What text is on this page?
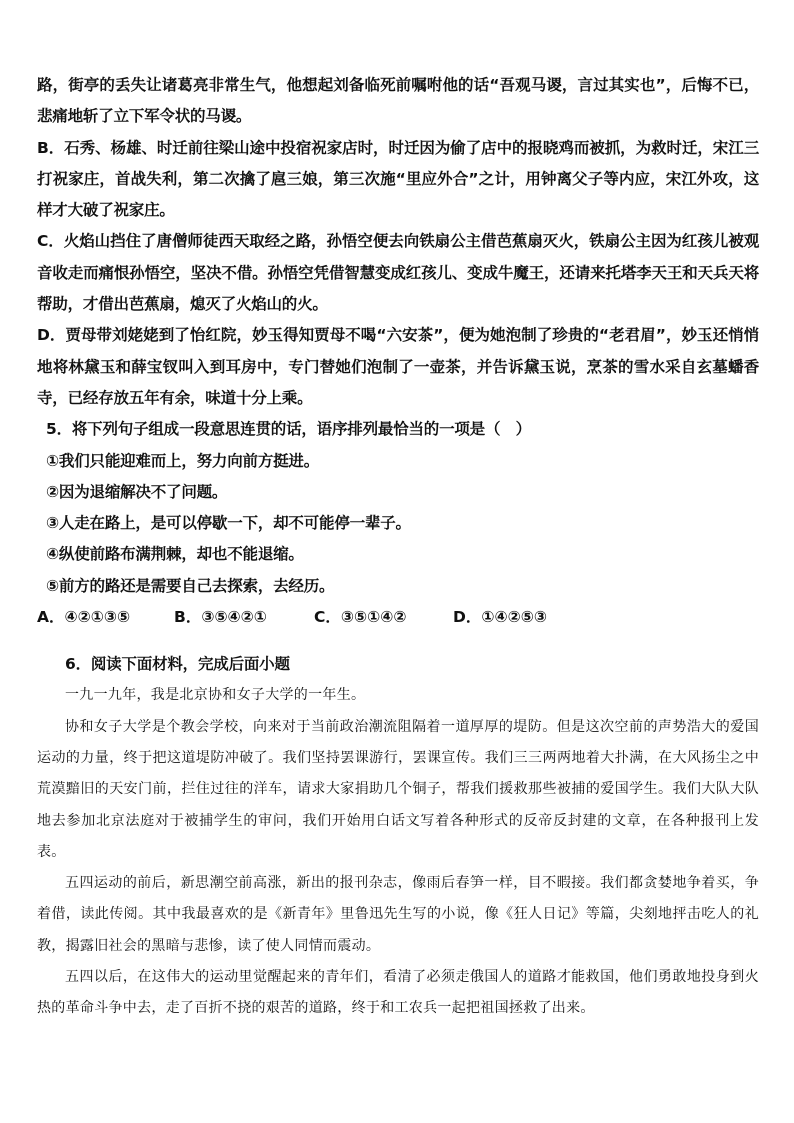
路，街亭的丢失让诸葛亮非常生气，他想起刘备临死前嘱咐他的话“吾观马谡，言过其实也”，后悔不已，悲痛地斩了立下军令状的马谡。

B．石秀、杨雄、时迁前往梁山途中投宿祝家店时，时迁因为偷了店中的报晓鸡而被抓，为救时迁，宋江三打祝家庄，首战失利，第二次擒了扈三娘，第三次施“里应外合”之计，用钟离父子等内应，宋江外攻，这样才大破了祝家庄。

C．火焰山挡住了唐僧师徒西天取经之路，孙悟空便去向铁扇公主借芭蕉扇灭火，铁扇公主因为红孩儿被观音收走而痛恨孙悟空，坚决不借。孙悟空凭借智慧变成红孩儿、变成牛魔王，还请来托塔李天王和天兵天将帮助，才借出芭蕉扇，熄灭了火焰山的火。

D．贾母带刘姥姥到了怡红院，妙玉得知贾母不喝“六安茶”，便为她泡制了珍贵的“老君眉”，妙玉还悄悄地将林黛玉和薛宝钗叫入到耳房中，专门替她们泡制了一壶茶，并告诉黛玉说，烹茶的雪水采自玄墓蟠香寺，已经存放五年有余，味道十分上乘。

5．将下列句子组成一段意思连贯的话，语序排列最恰当的一项是（　）

①我们只能迎难而上，努力向前方挺进。

②因为退缩解决不了问题。

③人走在路上，是可以停歇一下，却不可能停一辈子。

④纵使前路布满荆棘，却也不能退缩。

⑤前方的路还是需要自己去探索，去经历。

A．④②①③⑤	B．③⑤④②①	C．③⑤①④②	D．①④②⑤③

6．阅读下面材料，完成后面小题

一九一九年，我是北京协和女子大学的一年生。

协和女子大学是个教会学校，向来对于当前政治潮流阻隔着一道厚厚的堤防。但是这次空前的声势浩大的爱国运动的力量，终于把这道堤防冲破了。我们坚持罢课游行，罢课宣传。我们三三两两地着大扑满，在大风扬尘之中荒漠黯旧的天安门前，拦住过往的洋车，请求大家捐助几个铜子，帮我们援救那些被捕的爱国学生。我们大队大队地去参加北京法庭对于被捕学生的审问，我们开始用白话文写着各种形式的反帝反封建的文章，在各种报刊上发表。

五四运动的前后，新思潮空前高涨，新出的报刊杂志，像雨后春笋一样，目不暇接。我们都贪婪地争着买，争着借，读此传阅。其中我最喜欢的是《新青年》里鲁迅先生写的小说，像《狂人日记》等篇，尖刻地抨击吃人的礼教，揭露旧社会的黑暗与悲惨，读了使人同情而震动。

五四以后，在这伟大的运动里觉醒起来的青年们，看清了必须走俄国人的道路才能救国，他们勇敢地投身到火热的革命斗争中去，走了百折不挠的艰苦的道路，终于和工农兵一起把祖国拯救了出来。
